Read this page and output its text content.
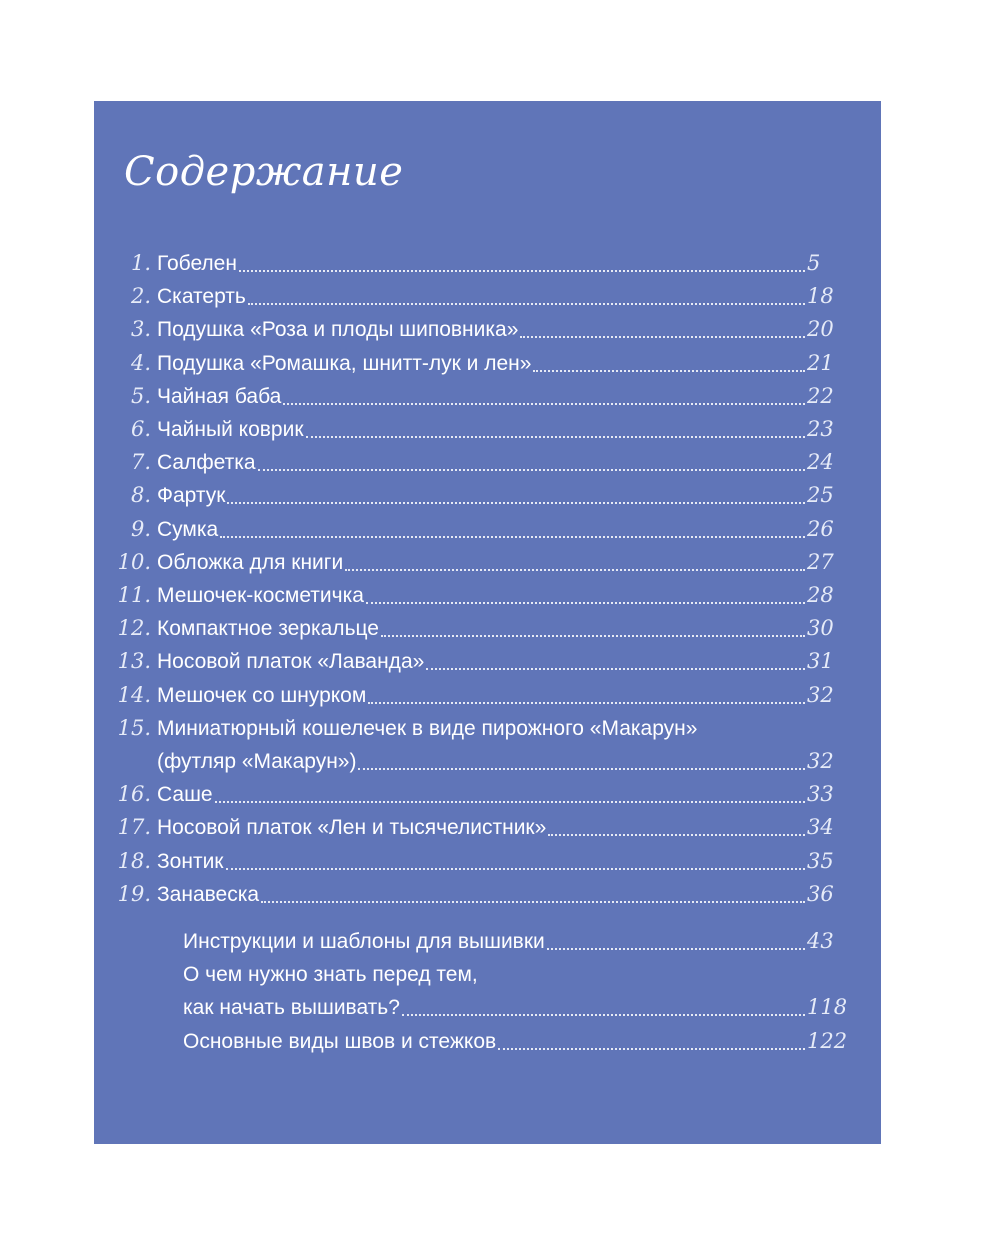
Содержание
1. Гобелен	5
2. Скатерть	18
3. Подушка «Роза и плоды шиповника»	20
4. Подушка «Ромашка, шнитт-лук и лен»	21
5. Чайная баба	22
6. Чайный коврик	23
7. Салфетка	24
8. Фартук	25
9. Сумка	26
10. Обложка для книги	27
11. Мешочек-косметичка	28
12. Компактное зеркальце	30
13. Носовой платок «Лаванда»	31
14. Мешочек со шнурком	32
15. Миниатюрный кошелечек в виде пирожного «Макарун»
(футляр «Макарун»)	32
16. Саше	33
17. Носовой платок «Лен и тысячелистник»	34
18. Зонтик	35
19. Занавеска	36
Инструкции и шаблоны для вышивки	43
О чем нужно знать перед тем,
как начать вышивать?	118
Основные виды швов и стежков	122
